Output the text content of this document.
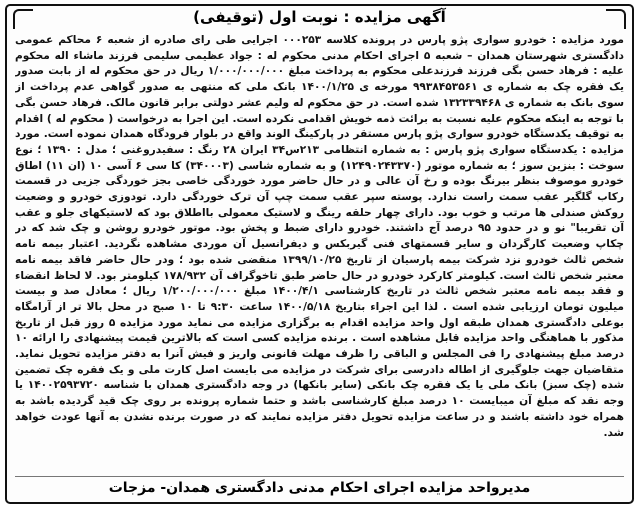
آگهی مزایده : نوبت اول (توقیفی)
مورد مزایده : خودرو سواری پژو پارس در پرونده کلاسه ۰۰۰۲۵۳ اجرایی طی رای صادره از شعبه ۶ محاکم عمومی دادگستری شهرستان همدان – شعبه ۵ اجرای احکام مدنی محکوم له : جواد عظیمی سلیمی فرزند ماشاء اله محکوم علیه : فرهاد حسن بگی فرزند فرزندعلی محکوم به پرداخت مبلغ ۱/۰۰۰/۰۰۰/۰۰۰ ریال در حق محکوم له از بابت صدور یک فقره چک به شماره ی ۹۹۳۸۴۵۳۵۶۱ مورخه ی ۱۴۰۰/۱/۲۵ بانک ملی که منتهی به صدور گواهی عدم پرداخت از سوی بانک به شماره ی ۱۳۲۳۳۹۴۶۸ شده است. در حق محکوم له ولیم عشر دولتی برابر قانون مالک. فرهاد حسن بگی با توجه به اینکه محکوم علیه نسبت به برائت ذمه خویش اقدامی نکرده است. این اجرا به درخواست ( محکوم له ) اقدام به توقیف یکدستگاه خودرو سواری پژو پارس مستقر در پارکینگ الوند واقع در بلوار فرودگاه همدان نموده است. مورد مزایده : یکدستگاه سواری پژو پارس : به شماره انتظامی ۲۱۳س۳۴ ایران ۲۸ رنگ : سفیدروغنی ؛ مدل : ۱۳۹۰ ؛ نوع سوخت : بنزین سوز ؛ به شماره موتور (۱۲۴۹۰۲۴۳۳۷۰) و به شماره شاسی (۳۴۰۰۰۳) کا سی ۶ آسی ۱۰ (ان ۱۱) اطاق خودرو موصوف بنظر بیرنگ بوده و رخ آن عالی و در حال حاضر مورد خوردگی خاصی بجز خوردگی جزیی در قسمت رکاب گلگیر عقب سمت راست ندارد. پوسته سپر عقب سمت چپ آن ترک خوردگی دارد. تودوزی خودرو و وضعیت روکش صندلی ها مرتب و خوب بود. دارای چهار حلقه رینگ و لاستیک معمولی بااطلاق بود که لاستیکهای جلو و عقب آن تقریبا" نو و در حدود ۹۵ درصد آج داشتند. خودرو دارای ضبط و پخش بود. موتور خودرو روشن و چک شد که در چکاپ وضعیت کارگردان و سایر قسمتهای فنی گیربکس و دیفرانسیل آن موردی مشاهده نگردید. اعتبار بیمه نامه شخص ثالث خودرو نزد شرکت بیمه پارسیان از تاریخ ۱۳۹۹/۱۰/۲۵ منقضی شده بود ؛ ودر حال حاضر فاقد بیمه نامه معتبر شخص ثالث است. کیلومتر کارکرد خودرو در حال حاضر طبق تاخوگراف آن ۱۷۸/۹۳۲ کیلومتر بود. لا لحاظ انقضاء و فقد بیمه نامه معتبر شخص ثالث در تاریخ کارشناسی ۱۴۰۰/۴/۱ مبلغ ۱/۲۰۰/۰۰۰/۰۰۰ ریال ؛ معادل صد و بیست میلیون تومان ارزیابی شده است . لذا این اجراء بتاریخ ۱۴۰۰/۵/۱۸ ساعت ۹:۳۰ تا ۱۰ صبح در محل بالا تر از آرامگاه بوعلی دادگستری همدان طبقه اول واحد مزایده اقدام به برگزاری مزایده می نماید مورد مزایده ۵ روز قبل از تاریخ مذکور با هماهنگی واحد مزایده قابل مشاهده است . برنده مزایده کسی است که بالاترین قیمت پیشنهادی را ارائه ۱۰ درصد مبلغ پیشنهادی را فی المجلس و الباقی را ظرف مهلت قانونی واریز و فیش آنرا به دفتر مزایده تحویل نماید. متقاضیان جهت جلوگیری از اطاله دادرسی برای شرکت در مزایده می بایست اصل کارت ملی و یک فقره چک تضمین شده (چک سبز) بانک ملی یا یک فقره چک بانکی (سایر بانکها) در وجه دادگستری همدان با شناسه ۱۴۰۰۲۵۹۳۷۲۰ یا وجه نقد که مبلغ آن میبایست ۱۰ درصد مبلغ کارشناسی باشد و حتما شماره پرونده بر روی چک قید گردیده باشد به همراه خود داشته باشند و در ساعت مزایده تحویل دفتر مزایده نمایند که در صورت برنده نشدن به آنها عودت خواهد شد.
مدیرواحد مزایده اجرای احکام مدنی دادگستری همدان- مزجات
